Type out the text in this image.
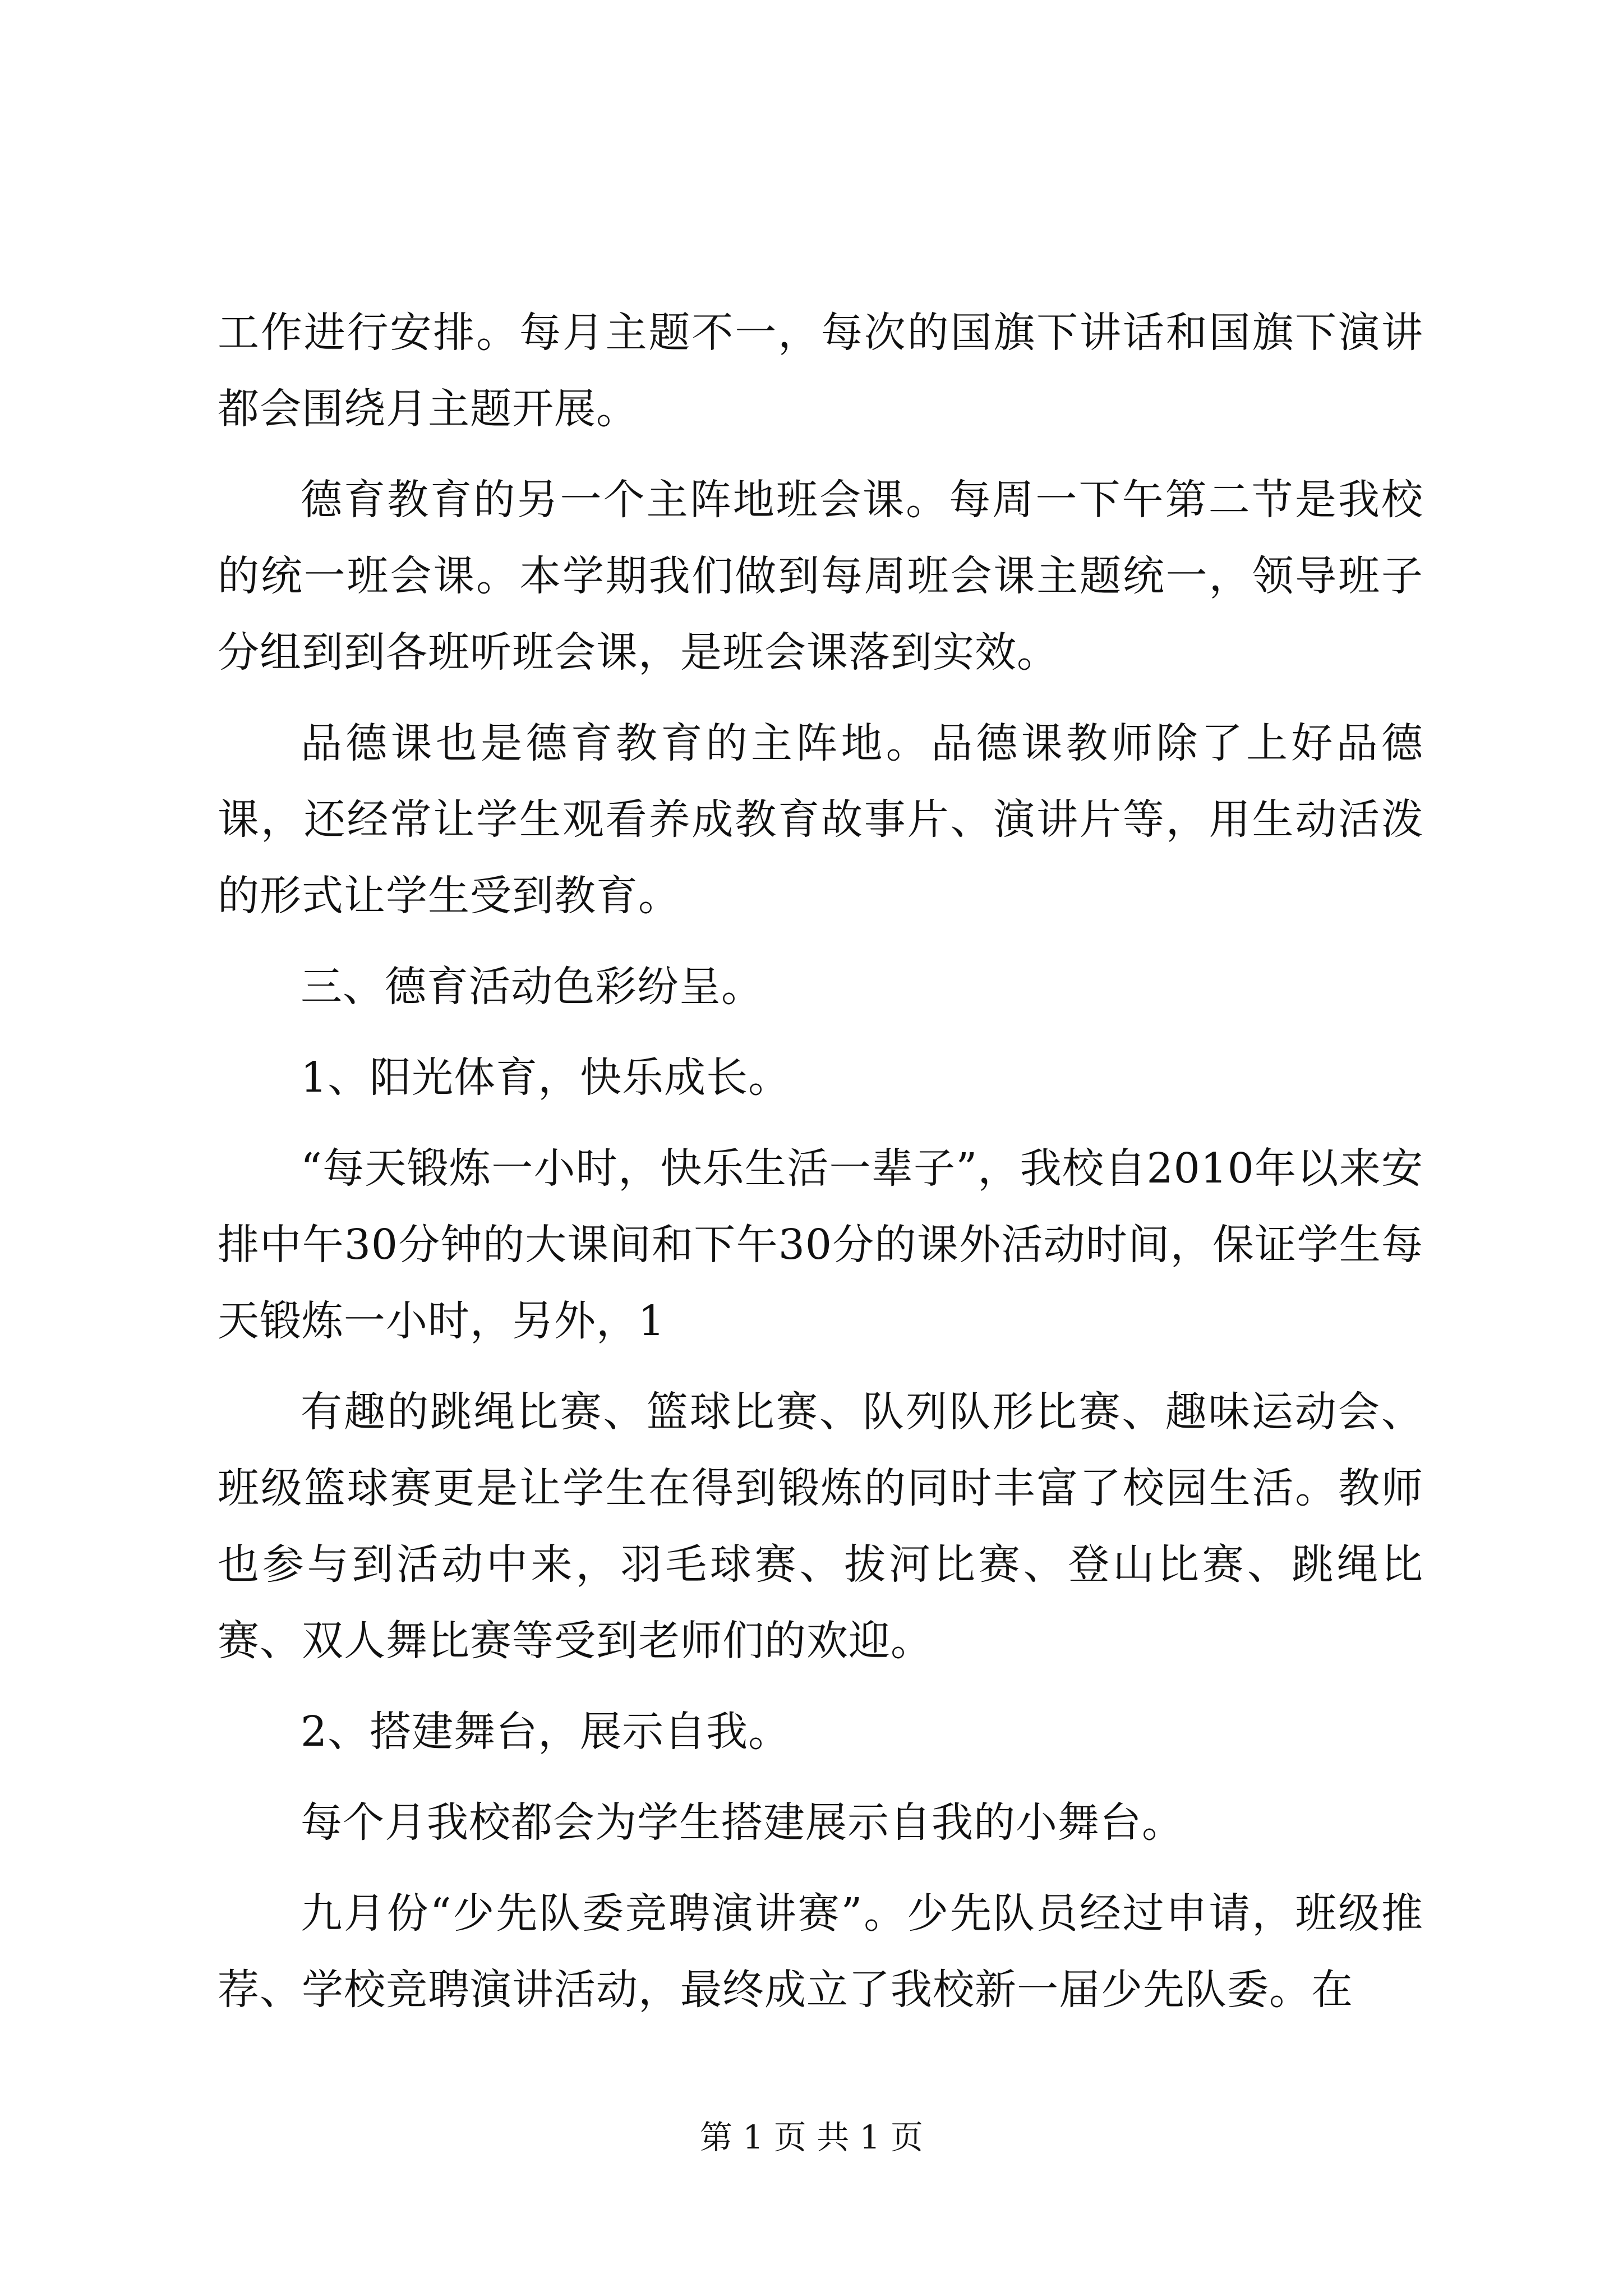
工作进行安排。每月主题不一，每次的国旗下讲话和国旗下演讲都会围绕月主题开展。

德育教育的另一个主阵地班会课。每周一下午第二节是我校的统一班会课。本学期我们做到每周班会课主题统一，领导班子分组到到各班听班会课，是班会课落到实效。

品德课也是德育教育的主阵地。品德课教师除了上好品德课，还经常让学生观看养成教育故事片、演讲片等，用生动活泼的形式让学生受到教育。

三、德育活动色彩纷呈。

1、阳光体育，快乐成长。

“每天锻炼一小时，快乐生活一辈子”，我校自2010年以来安排中午30分钟的大课间和下午30分的课外活动时间，保证学生每天锻炼一小时，另外，1

有趣的跳绳比赛、篮球比赛、队列队形比赛、趣味运动会、班级篮球赛更是让学生在得到锻炼的同时丰富了校园生活。教师也参与到活动中来，羽毛球赛、拔河比赛、登山比赛、跳绳比赛、双人舞比赛等受到老师们的欢迎。

2、搭建舞台，展示自我。

每个月我校都会为学生搭建展示自我的小舞台。

九月份“少先队委竞聘演讲赛”。少先队员经过申请，班级推荐、学校竞聘演讲活动，最终成立了我校新一届少先队委。在

第 1 页 共 1 页
